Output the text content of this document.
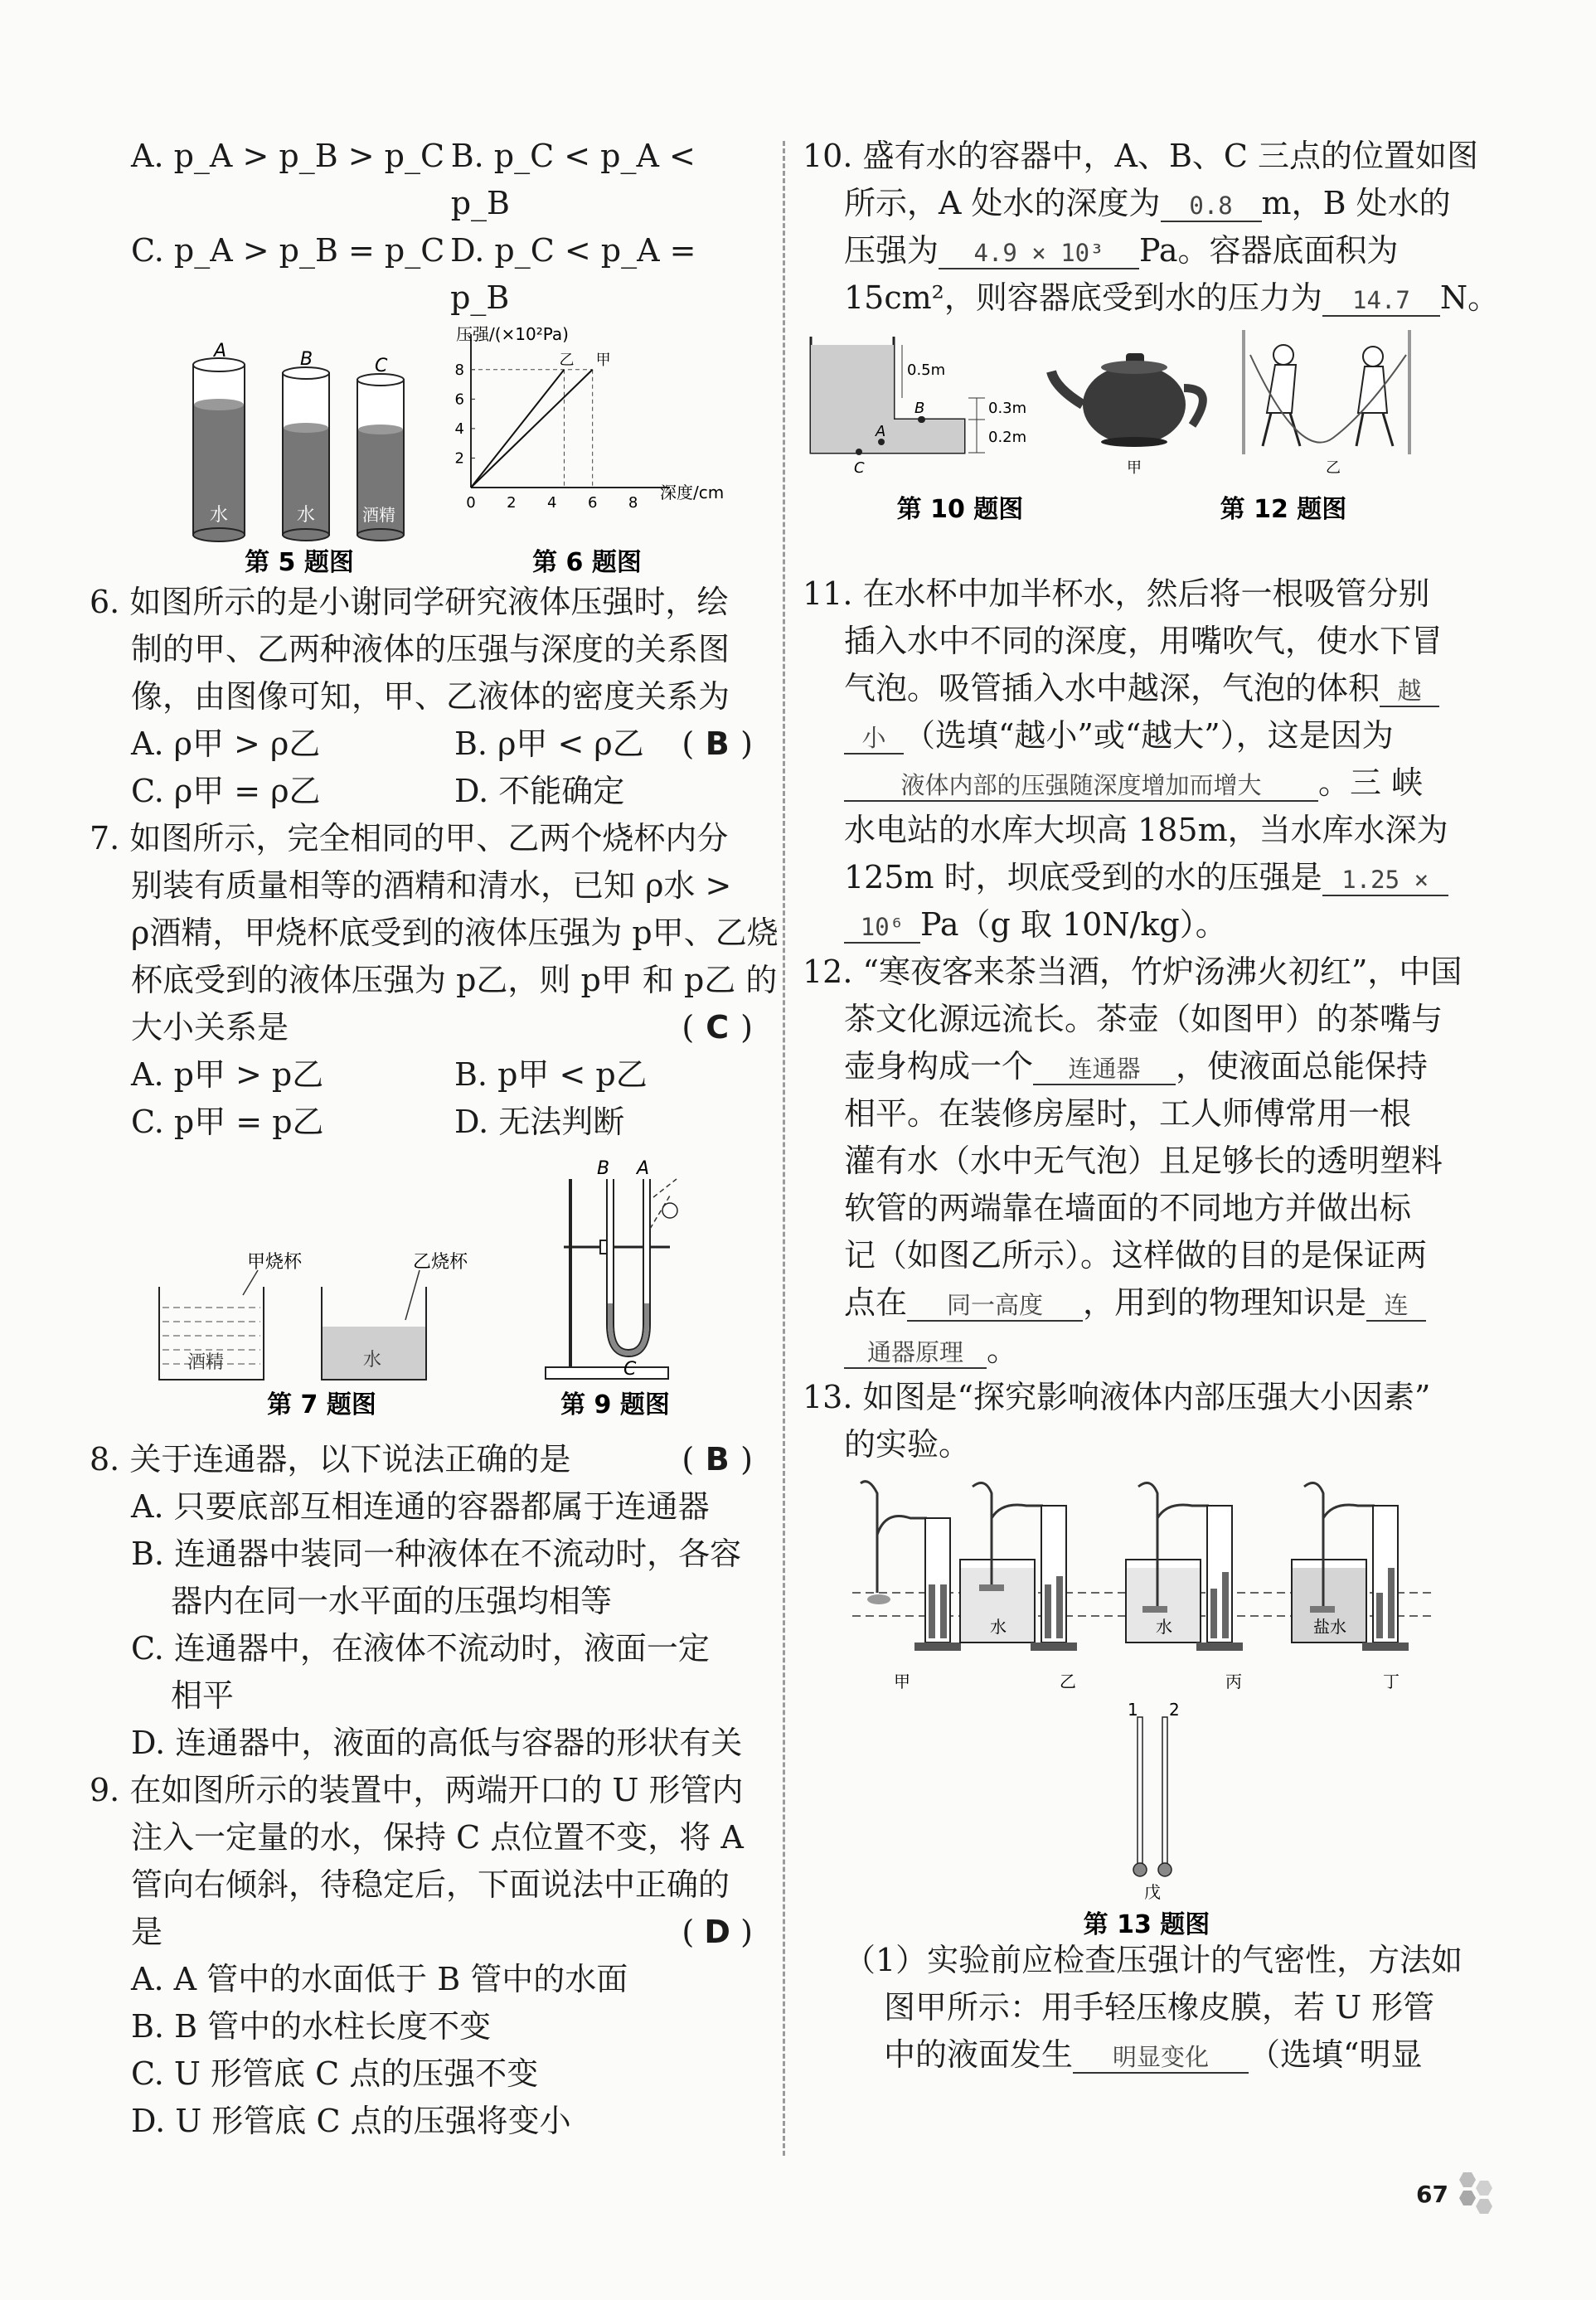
A. p_A > p_B > p_C B. p_C < p_A < p_B
C. p_A > p_B = p_C D. p_C < p_A = p_B
A	B	C
水	水	酒精
第 5 题图
0 2 4 6 8
2
4
6
8
甲
乙
压强/(×10²Pa)
深度/cm
第 6 题图
6. 如图所示的是小谢同学研究液体压强时，绘
制的甲、乙两种液体的压强与深度的关系图
像，由图像可知，甲、乙液体的密度关系为
( B )
A. ρ甲 > ρ乙	B. ρ甲 < ρ乙
C. ρ甲 = ρ乙	D. 不能确定
7. 如图所示，完全相同的甲、乙两个烧杯内分
别装有质量相等的酒精和清水，已知 ρ水 >
ρ酒精，甲烧杯底受到的液体压强为 p甲、乙烧
杯底受到的液体压强为 p乙，则 p甲 和 p乙 的
大小关系是	( C )
A. p甲 > p乙	B. p甲 < p乙
C. p甲 = p乙	D. 无法判断
甲烧杯	乙烧杯
酒精	水
第 7 题图
B A
C
第 9 题图
8. 关于连通器，以下说法正确的是	( B )
A. 只要底部互相连通的容器都属于连通器
B. 连通器中装同一种液体在不流动时，各容
器内在同一水平面的压强均相等
C. 连通器中，在液体不流动时，液面一定
相平
D. 连通器中，液面的高低与容器的形状有关
9. 在如图所示的装置中，两端开口的 U 形管内
注入一定量的水，保持 C 点位置不变，将 A
管向右倾斜，待稳定后，下面说法中正确的
是	( D )
A. A 管中的水面低于 B 管中的水面
B. B 管中的水柱长度不变
C. U 形管底 C 点的压强不变
D. U 形管底 C 点的压强将变小
10. 盛有水的容器中，A、B、C 三点的位置如图
所示，A 处水的深度为 0.8 m，B 处水的
压强为 4.9 × 10³ Pa。容器底面积为
15cm²，则容器底受到水的压力为 14.7 N。
0.5m
B
A
0.3m
0.2m
C
第 10 题图
甲	乙
第 12 题图
11. 在水杯中加半杯水，然后将一根吸管分别
插入水中不同的深度，用嘴吹气，使水下冒
气泡。吸管插入水中越深，气泡的体积 越
小 （选填“越小”或“越大”），这是因为
液体内部的压强随深度增加而增大 。三 峡
水电站的水库大坝高 185m，当水库水深为
125m 时，坝底受到的水的压强是 1.25 ×
10⁶ Pa（g 取 10N/kg）。
12. “寒夜客来茶当酒，竹炉汤沸火初红”，中国
茶文化源远流长。茶壶（如图甲）的茶嘴与
壶身构成一个 连通器 ，使液面总能保持
相平。在装修房屋时，工人师傅常用一根
灌有水（水中无气泡）且足够长的透明塑料
软管的两端靠在墙面的不同地方并做出标
记（如图乙所示）。这样做的目的是保证两
点在 同一高度 ，用到的物理知识是 连
通器原理 。
13. 如图是“探究影响液体内部压强大小因素”
的实验。
水	水	盐水
甲	乙	丙	丁
1 2
戊
第 13 题图
（1）实验前应检查压强计的气密性，方法如
图甲所示：用手轻压橡皮膜，若 U 形管
中的液面发生 明显变化 （选填“明显
67
